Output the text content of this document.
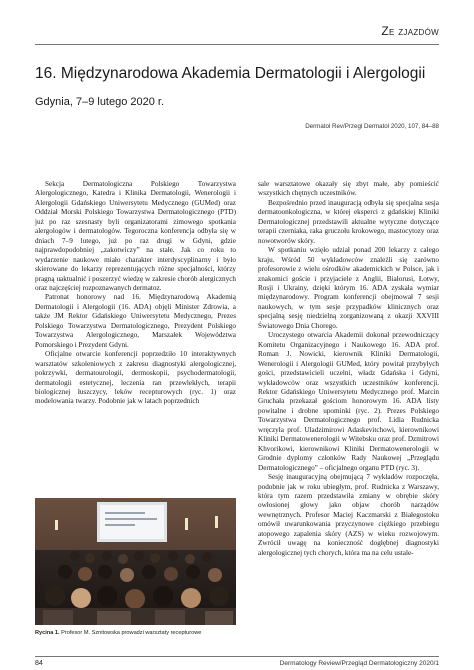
Ze zjazdów
16. Międzynarodowa Akademia Dermatologii i Alergologii
Gdynia, 7–9 lutego 2020 r.
Dermatol Rev/Przegl Dermatol 2020, 107, 84–88

Sekcja Dermatologiczna Polskiego Towarzystwa Alergologicznego, Katedra i Klinika Dermatologii, Wenerologii i Alergologii Gdańskiego Uniwersytetu Medycznego (GUMed) oraz Oddział Morski Polskiego Towarzystwa Dermatologicznego (PTD) już po raz szesnasty byli organizatorami zimowego spotkania alergologów i dermatologów. Tegoroczna konferencja odbyła się w dniach 7–9 lutego, już po raz drugi w Gdyni, gdzie najprawdopodobniej „zakotwiczy” na stałe. Jak co roku to wydarzenie naukowe miało charakter interdyscyplinarny i było skierowane do lekarzy reprezentujących różne specjalności, którzy pragną uaktualnić i poszerzyć wiedzę w zakresie chorób alergicznych oraz najczęściej rozpoznawanych dermatoz.

Patronat honorowy nad 16. Międzynarodową Akademią Dermatologii i Alergologii (16. ADA) objęli Minister Zdrowia, a także JM Rektor Gdańskiego Uniwersytetu Medycznego, Prezes Polskiego Towarzystwa Dermatologicznego, Prezydent Polskiego Towarzystwa Alergologicznego, Marszałek Województwa Pomorskiego i Prezydent Gdyni.

Oficjalne otwarcie konferencji poprzedziło 10 interaktywnych warsztatów szkoleniowych z zakresu diagnostyki alergologicznej, pokrzywki, dermatourologii, dermoskopii, psychodermatologii, dermatologii estetycznej, leczenia ran przewlekłych, terapii biologicznej łuszczycy, leków recepturowych (ryc. 1) oraz modelowania twarzy. Podobnie jak w latach poprzednich

Rycina 1. Profesor M. Sznitowska prowadzi warsztaty recepturowe

sale warsztatowe okazały się zbyt małe, aby pomieścić wszystkich chętnych uczestników.

Bezpośrednio przed inauguracją odbyła się specjalna sesja dermatoonkologiczna, w której eksperci z gdańskiej Kliniki Dermatologicznej przedstawili aktualne wytyczne dotyczące terapii czerniaka, raka gruczołu krokowego, mastocytozy oraz nowotworów skóry.

W spotkaniu wzięło udział ponad 200 lekarzy z całego kraju. Wśród 50 wykładowców znaleźli się zarówno profesorowie z wielu ośrodków akademickich w Polsce, jak i znakomici goście i przyjaciele z Anglii, Białorusi, Łotwy, Rosji i Ukrainy, dzięki którym 16. ADA zyskała wymiar międzynarodowy. Program konferencji obejmował 7 sesji naukowych, w tym sesje przypadków klinicznych oraz specjalną sesję niedzielną zorganizowaną z okazji XXVIII Światowego Dnia Chorego.

Uroczystego otwarcia Akademii dokonał przewodniczący Komitetu Organizacyjnego i Naukowego 16. ADA prof. Roman J. Nowicki, kierownik Kliniki Dermatologii, Wenerologii i Alergologii GUMed, który powitał przybyłych gości, przedstawicieli uczelni, władz Gdańska i Gdyni, wykładowców oraz wszystkich uczestników konferencji. Rektor Gdańskiego Uniwersytetu Medycznego prof. Marcin Gruchała przekazał gościom honorowym 16. ADA listy powitalne i drobne upominki (ryc. 2). Prezes Polskiego Towarzystwa Dermatologicznego prof. Lidia Rudnicka wręczyła prof. Uladzimirowi Adaskevitchowi, kierownikowi Kliniki Dermatowenerologii w Witebsku oraz prof. Dzmitrowi Khvorikowi, kierownikowi Kliniki Dermatowenerologii w Grodnie dyplomy członków Rady Naukowej „Przeglądu Dermatologicznego” – oficjalnego organu PTD (ryc. 3).

Sesję inauguracyjną obejmującą 7 wykładów rozpoczęła, podobnie jak w roku ubiegłym, prof. Rudnicka z Warszawy, która tym razem przedstawiła zmiany w obrębie skóry owłosionej głowy jako objaw chorób narządów wewnętrznych. Profesor Maciej Kaczmarski z Białegostoku omówił uwarunkowania przyczynowe ciężkiego przebiegu atopowego zapalenia skóry (AZS) w wieku rozwojowym. Zwrócił uwagę na konieczność dogłębnej diagnostyki alergologicznej tych chorych, która ma na celu ustale-

84	Dermatology Review/Przegląd Dermatologiczny 2020/1
